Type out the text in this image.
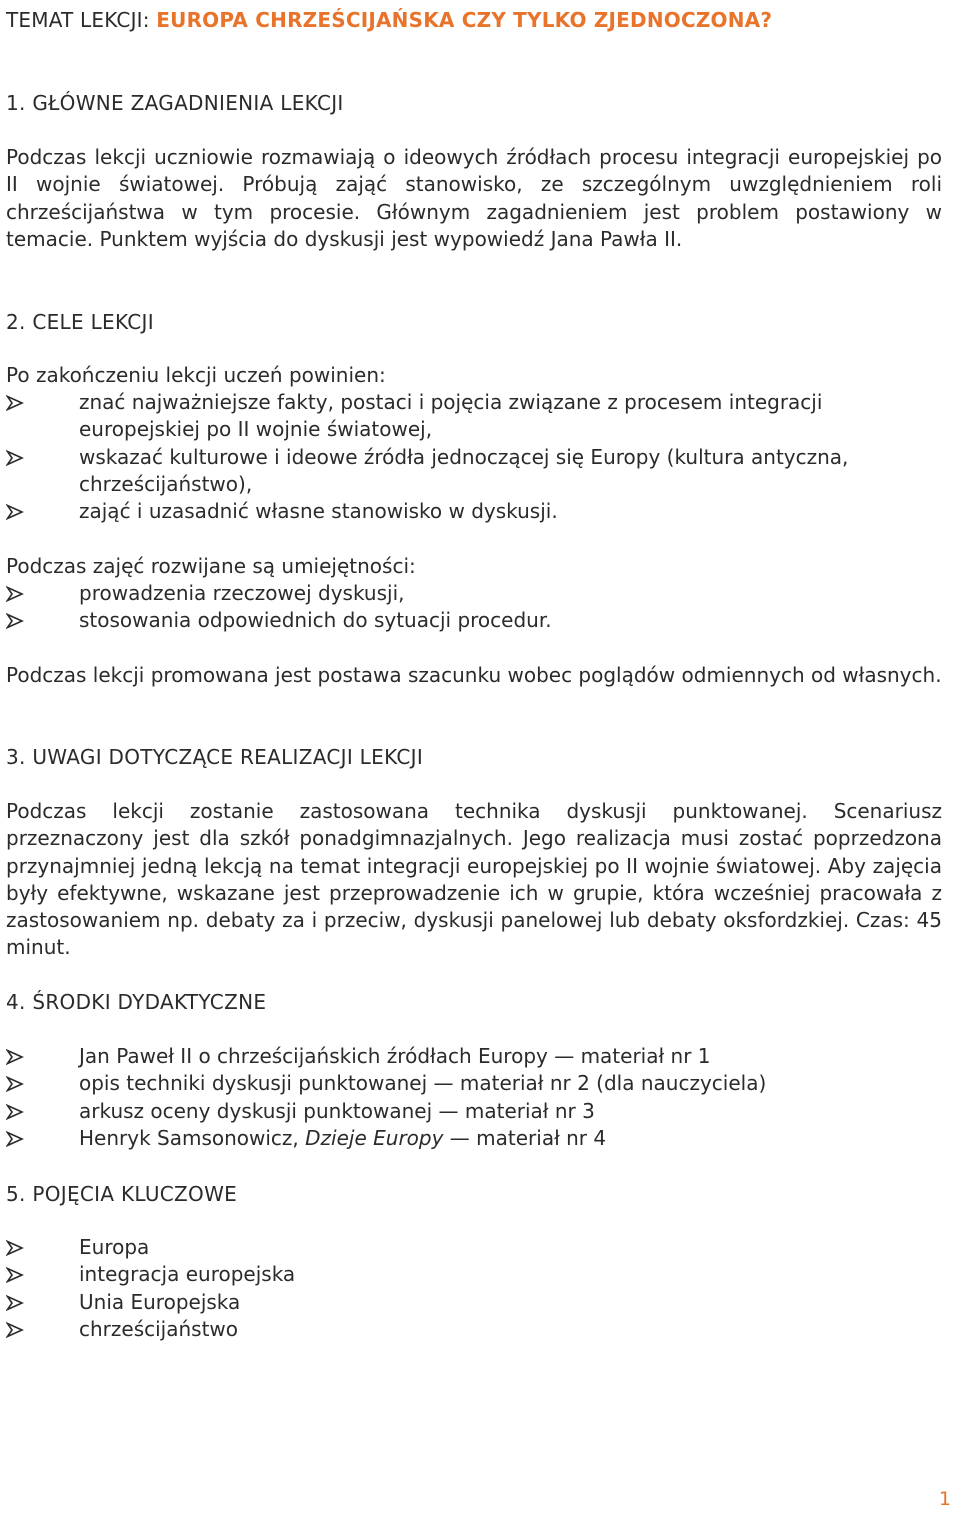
TEMAT LEKCJI: EUROPA CHRZEŚCIJAŃSKA CZY TYLKO ZJEDNOCZONA?
1. GŁÓWNE ZAGADNIENIA LEKCJI

Podczas lekcji uczniowie rozmawiają o ideowych źródłach procesu integracji europejskiej po II wojnie światowej. Próbują zająć stanowisko, ze szczególnym uwzględnieniem roli chrześcijaństwa w tym procesie. Głównym zagadnieniem jest problem postawiony w temacie. Punktem wyjścia do dyskusji jest wypowiedź Jana Pawła II.

2. CELE LEKCJI

Po zakończeniu lekcji uczeń powinien:

znać najważniejsze fakty, postaci i pojęcia związane z procesem integracji europejskiej po II wojnie światowej,
wskazać kulturowe i ideowe źródła jednoczącej się Europy (kultura antyczna, chrześcijaństwo),
zająć i uzasadnić własne stanowisko w dyskusji.

Podczas zajęć rozwijane są umiejętności:

prowadzenia rzeczowej dyskusji,
stosowania odpowiednich do sytuacji procedur.

Podczas lekcji promowana jest postawa szacunku wobec poglądów odmiennych od własnych.

3. UWAGI DOTYCZĄCE REALIZACJI LEKCJI

Podczas lekcji zostanie zastosowana technika dyskusji punktowanej. Scenariusz przeznaczony jest dla szkół ponadgimnazjalnych. Jego realizacja musi zostać poprzedzona przynajmniej jedną lekcją na temat integracji europejskiej po II wojnie światowej. Aby zajęcia były efektywne, wskazane jest przeprowadzenie ich w grupie, która wcześniej pracowała z zastosowaniem np. debaty za i przeciw, dyskusji panelowej lub debaty oksfordzkiej. Czas: 45 minut.

4. ŚRODKI DYDAKTYCZNE
Jan Paweł II o chrześcijańskich źródłach Europy — materiał nr 1
opis techniki dyskusji punktowanej — materiał nr 2 (dla nauczyciela)
arkusz oceny dyskusji punktowanej — materiał nr 3
Henryk Samsonowicz, Dzieje Europy — materiał nr 4
5. POJĘCIA KLUCZOWE
Europa
integracja europejska
Unia Europejska
chrześcijaństwo
1
